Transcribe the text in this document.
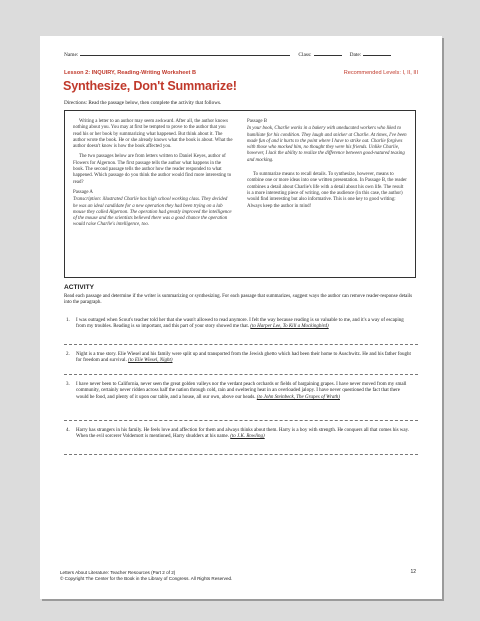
Name:	Class:	Date:
Lesson 2: INQUIRY, Reading-Writing Worksheet B	Recommended Levels: I, II, III
Synthesize, Don't Summarize!
Directions: Read the passage below, then complete the activity that follows.

Writing a letter to an author may seem awkward. After all, the author knows nothing about you. You may at first be tempted to prove to the author that you read his or her book by summarizing what happened. But think about it. The author wrote the book. He or she already knows what the book is about. What the author doesn't know is how the book affected you.

The two passages below are from letters written to Daniel Keyes, author of Flowers for Algernon. The first passage tells the author what happens in the book. The second passage tells the author how the reader responded to what happened. Which passage do you think the author would find more interesting to read?

Passage A

Transcription: illustrated Charlie has high school working class. They decided he was an ideal candidate for a new operation they had been trying on a lab mouse they called Algernon. The operation had greatly improved the intelligence of the mouse and the scientists believed there was a good chance the operation would raise Charlie's intelligence, too.

Passage B

In your book, Charlie works in a bakery with uneducated workers who liked to humiliate for his condition. They laugh and snicker at Charlie. At times, I've been made fun of and it hurts to the point where I have to strike out. Charlie forgives with those who mocked him, no thought they were his friends. Unlike Charlie, however, I lack the ability to realize the difference between good-natured teasing and mocking.

To summarize means to recall details. To synthesize, however, means to combine one or more ideas into one written presentation. In Passage B, the reader combines a detail about Charlie's life with a detail about his own life. The result is a more interesting piece of writing, one the audience (in this case, the author) would find interesting but also informative. This is one key to good writing: Always keep the author in mind!

ACTIVITY
Read each passage and determine if the writer is summarizing or synthesizing. For each passage that summarizes, suggest ways the author can remove reader-response details into the paragraph.
1.	I was outraged when Scout's teacher told her that she wasn't allowed to read anymore. I felt the way because reading is so valuable to me, and it's a way of escaping from my troubles. Reading is so important, and this part of your story showed me that. (to Harper Lee, To Kill a Mockingbird)
2.	Night is a true story. Elie Wiesel and his family were split up and transported from the Jewish ghetto which had been their home to Auschwitz. He and his father fought for freedom and survival. (to Elie Wiesel, Night)
3.	I have never been to California, never seen the great golden valleys nor the verdant peach orchards or fields of bargaining grapes. I have never moved from my small community, certainly never ridden across half the nation through cold, rain and sweltering heat in an overloaded jalopy. I have never questioned the fact that there would be food, and plenty of it upon our table, and a house, all our own, above our heads. (to John Steinbeck, The Grapes of Wrath)
4.	Harry has strangers in his family. He feels love and affection for them and always thinks about them. Harry is a boy with strength. He conquers all that comes his way. When the evil sorcerer Voldemort is mentioned, Harry shudders at his name. (to J.K. Rowling)
Letters About Literature: Teacher Resources (Part 2 of 2)
© Copyright The Center for the Book in the Library of Congress. All Rights Reserved.
12
